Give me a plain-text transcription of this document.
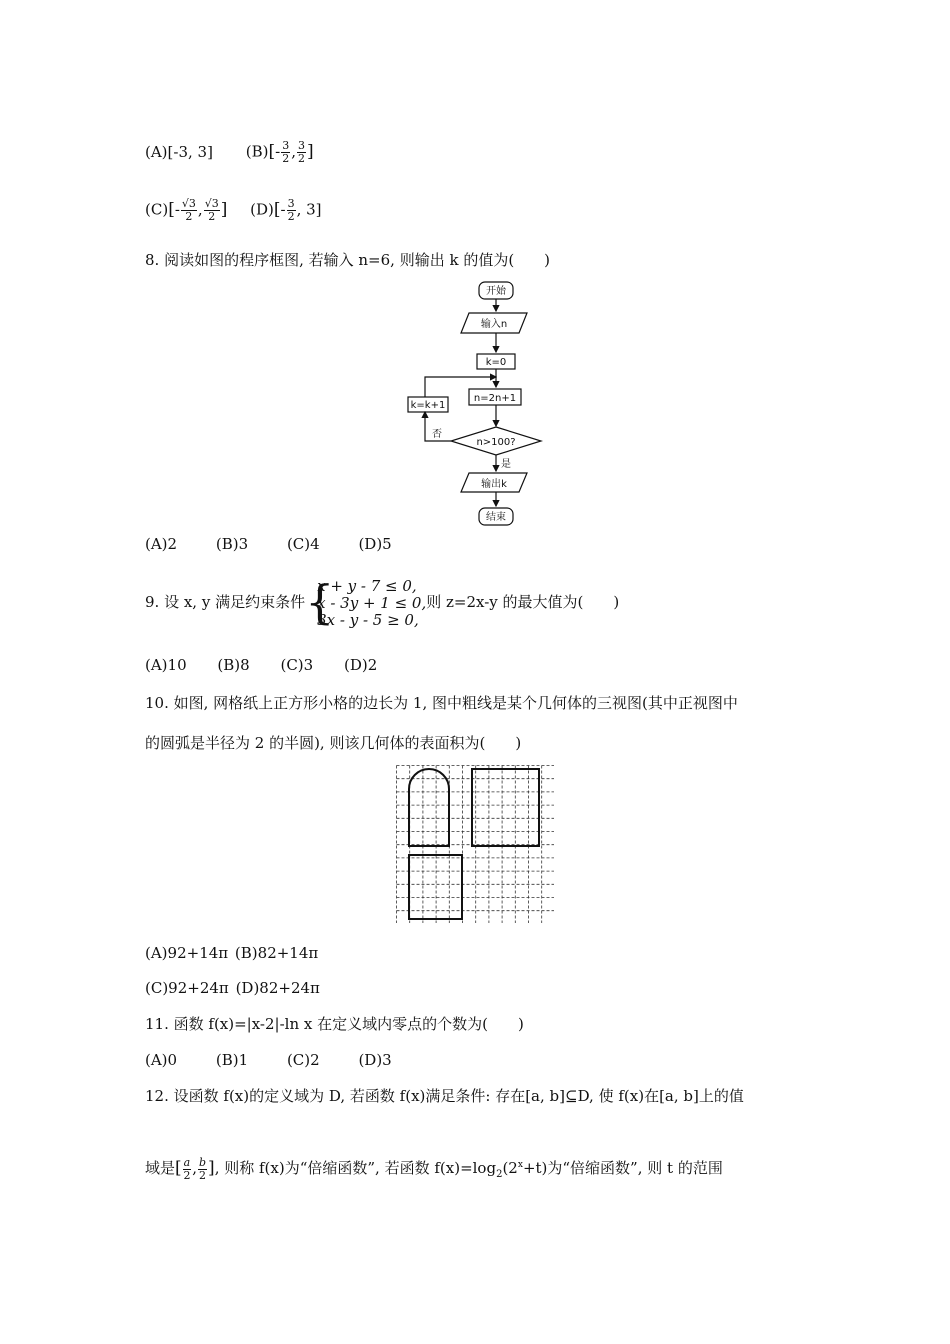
(A)[-3, 3] $(B)[- \frac{3}{2}$ , $\frac{3}{2}$ ]
$(C)[- \frac{√3}{2}$ , $\frac{√3}{2}$ ] $(D)[- \frac{3}{2}$ , 3]
8. 阅读如图的程序框图, 若输入 n=6, 则输出 k 的值为(　　)
开始
输入n
k=0
n=2n+1
n>100?
输出k
结束
k=k+1
否
是
(A)2	(B)3	(C)4	(D)5
9. 设 x, y 满足约束条件 {
x + y - 7 ≤ 0,
x - 3y + 1 ≤ 0,
3x - y - 5 ≥ 0,
则 z=2x-y 的最大值为(　　)
(A)10 (B)8 (C)3 (D)2
10. 如图, 网格纸上正方形小格的边长为 1, 图中粗线是某个几何体的三视图(其中正视图中
的圆弧是半径为 2 的半圆), 则该几何体的表面积为(　　)
(A)92+14π (B)82+14π
(C)92+24π (D)82+24π
11. 函数 f(x)=|x-2|-ln x 在定义域内零点的个数为(　　)
(A)0	(B)1	(C)2	(D)3
12. 设函数 f(x)的定义域为 D, 若函数 f(x)满足条件: 存在[a, b]⊆D, 使 f(x)在[a, b]上的值
域是[ $\frac{a}{2}$ , $\frac{b}{2}$ ], 则称 f(x)为“倍缩函数”, 若函数 $f(x)=\log_2(2^x+t)$为“倍缩函数”, 则 t 的范围
